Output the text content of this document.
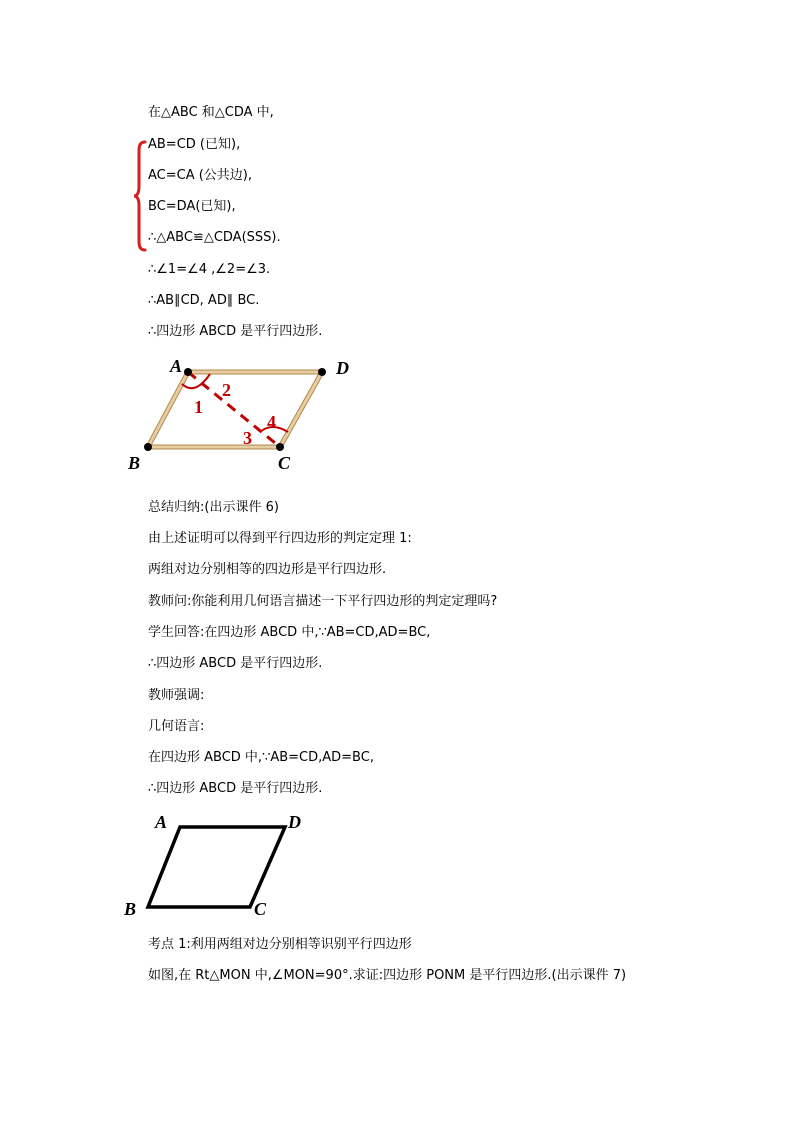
在△ABC 和△CDA 中,
AB=CD (已知),
AC=CA (公共边),
BC=DA(已知),
∴△ABC≌△CDA(SSS).
∴∠1=∠4 ,∠2=∠3.
∴AB∥CD, AD∥ BC.
∴四边形 ABCD 是平行四边形.
A	D
C
B
1
2
3
4
总结归纳:(出示课件 6)
由上述证明可以得到平行四边形的判定定理 1:
两组对边分别相等的四边形是平行四边形.
教师问:你能利用几何语言描述一下平行四边形的判定定理吗?
学生回答:在四边形 ABCD 中,∵AB=CD,AD=BC,
∴四边形 ABCD 是平行四边形.
教师强调:
几何语言:
在四边形 ABCD 中,∵AB=CD,AD=BC,
∴四边形 ABCD 是平行四边形.
A	D
C
B
考点 1:利用两组对边分别相等识别平行四边形
如图,在 Rt△MON 中,∠MON=90°.求证:四边形 PONM 是平行四边形.(出示课件 7)
